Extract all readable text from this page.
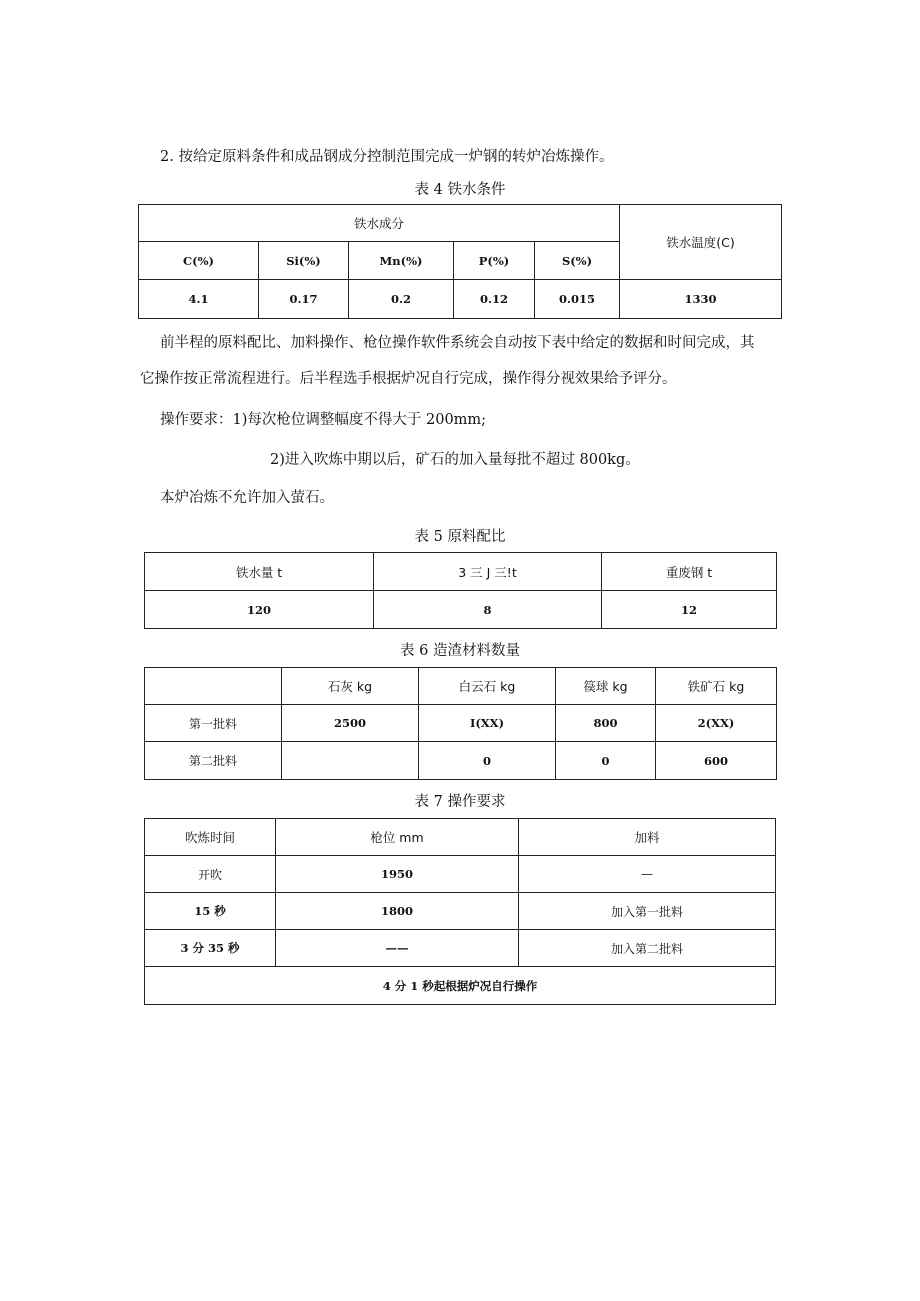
2. 按给定原料条件和成品钢成分控制范围完成一炉钢的转炉冶炼操作。
表 4 铁水条件
铁水成分					铁水温度(C)
C(%)	Si(%)	Mn(%)	P(%)	S(%)	
4.1	0.17	0.2	0.12	0.015	1330
前半程的原料配比、加料操作、枪位操作软件系统会自动按下表中给定的数据和时间完成，其
它操作按正常流程进行。后半程选手根据炉况自行完成，操作得分视效果给予评分。
操作要求：1)每次枪位调整幅度不得大于 200mm;
2)进入吹炼中期以后，矿石的加入量每批不超过 800kg。
本炉冶炼不允许加入萤石。
表 5 原料配比
铁水量 t	3 三 J 三!t	重废钢 t
120	8	12
表 6 造渣材料数量
	石灰 kg	白云石 kg	篌球 kg	铁矿石 kg
第一批料	2500	I(XX)	800	2(XX)
第二批料		0	0	600
表 7 操作要求
吹炼时间	枪位 mm	加料
开吹	1950	—
15 秒	1800	加入第一批料
3 分 35 秒	——	加入第二批料
4 分 1 秒起根据炉况自行操作		
